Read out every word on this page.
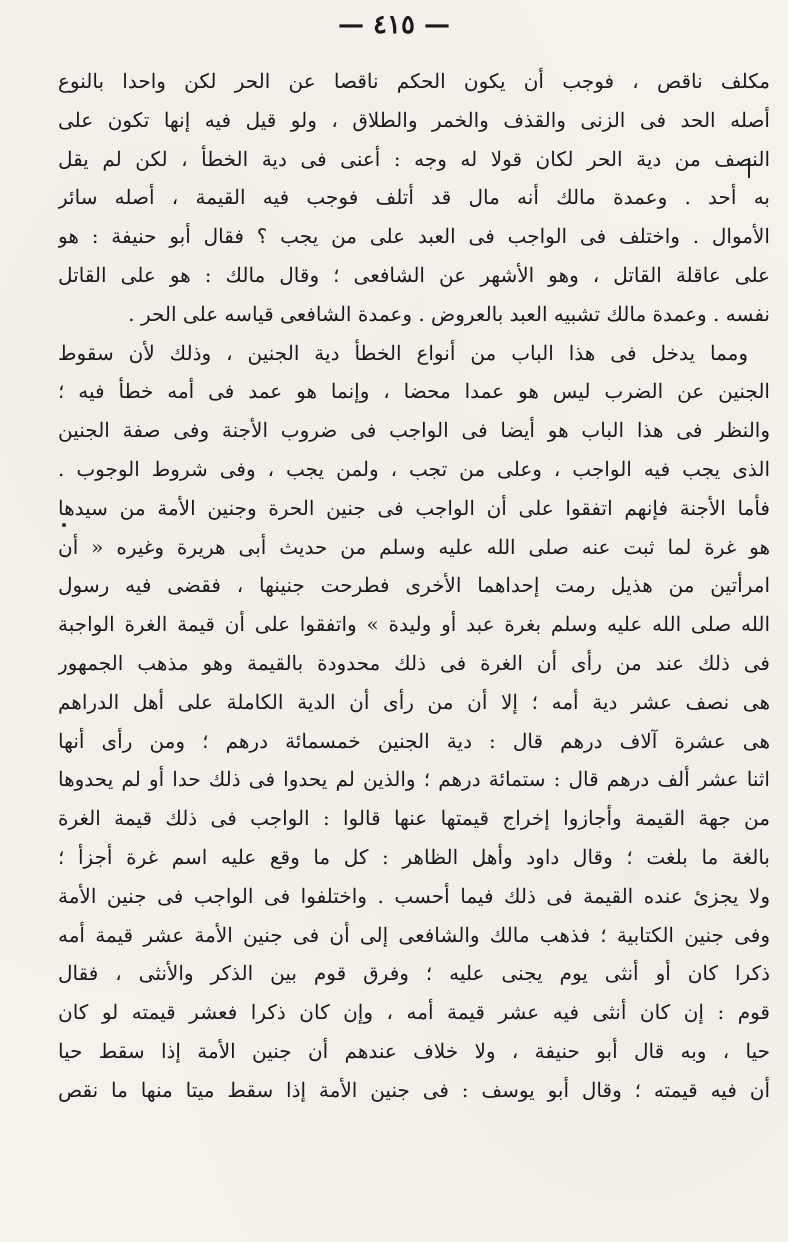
— ٤١٥ —
مكلف ناقص ، فوجب أن يكون الحكم ناقصا عن الحر لكن واحدا بالنوع
أصله الحد فى الزنى والقذف والخمر والطلاق ، ولو قيل فيه إنها تكون على
النصف من دية الحر لكان قولا له وجه : أعنى فى دية الخطأ ، لكن لم يقل
به أحد . وعمدة مالك أنه مال قد أتلف فوجب فيه القيمة ، أصله سائر
الأموال . واختلف فى الواجب فى العبد على من يجب ؟ فقال أبو حنيفة : هو
على عاقلة القاتل ، وهو الأشهر عن الشافعى ؛ وقال مالك : هو على القاتل
نفسه . وعمدة مالك تشبيه العبد بالعروض . وعمدة الشافعى قياسه على الحر .
ومما يدخل فى هذا الباب من أنواع الخطأ دية الجنين ، وذلك لأن سقوط
الجنين عن الضرب ليس هو عمدا محضا ، وإنما هو عمد فى أمه خطأ فيه ؛
والنظر فى هذا الباب هو أيضا فى الواجب فى ضروب الأجنة وفى صفة الجنين
الذى يجب فيه الواجب ، وعلى من تجب ، ولمن يجب ، وفى شروط الوجوب .
فأما الأجنة فإنهم اتفقوا على أن الواجب فى جنين الحرة وجنين الأمة من سيدها
هو غرة لما ثبت عنه صلى الله عليه وسلم من حديث أبى هريرة وغيره « أن
امرأتين من هذيل رمت إحداهما الأخرى فطرحت جنينها ، فقضى فيه رسول
الله صلى الله عليه وسلم بغرة عبد أو وليدة » واتفقوا على أن قيمة الغرة الواجبة
فى ذلك عند من رأى أن الغرة فى ذلك محدودة بالقيمة وهو مذهب الجمهور
هى نصف عشر دية أمه ؛ إلا أن من رأى أن الدية الكاملة على أهل الدراهم
هى عشرة آلاف درهم قال : دية الجنين خمسمائة درهم ؛ ومن رأى أنها
اثنا عشر ألف درهم قال : ستمائة درهم ؛ والذين لم يحدوا فى ذلك حدا أو لم يحدوها
من جهة القيمة وأجازوا إخراج قيمتها عنها قالوا : الواجب فى ذلك قيمة الغرة
بالغة ما بلغت ؛ وقال داود وأهل الظاهر : كل ما وقع عليه اسم غرة أجزأ ؛
ولا يجزئ عنده القيمة فى ذلك فيما أحسب . واختلفوا فى الواجب فى جنين الأمة
وفى جنين الكتابية ؛ فذهب مالك والشافعى إلى أن فى جنين الأمة عشر قيمة أمه
ذكرا كان أو أنثى يوم يجنى عليه ؛ وفرق قوم بين الذكر والأنثى ، فقال
قوم : إن كان أنثى فيه عشر قيمة أمه ، وإن كان ذكرا فعشر قيمته لو كان
حيا ، وبه قال أبو حنيفة ، ولا خلاف عندهم أن جنين الأمة إذا سقط حيا
أن فيه قيمته ؛ وقال أبو يوسف : فى جنين الأمة إذا سقط ميتا منها ما نقص
